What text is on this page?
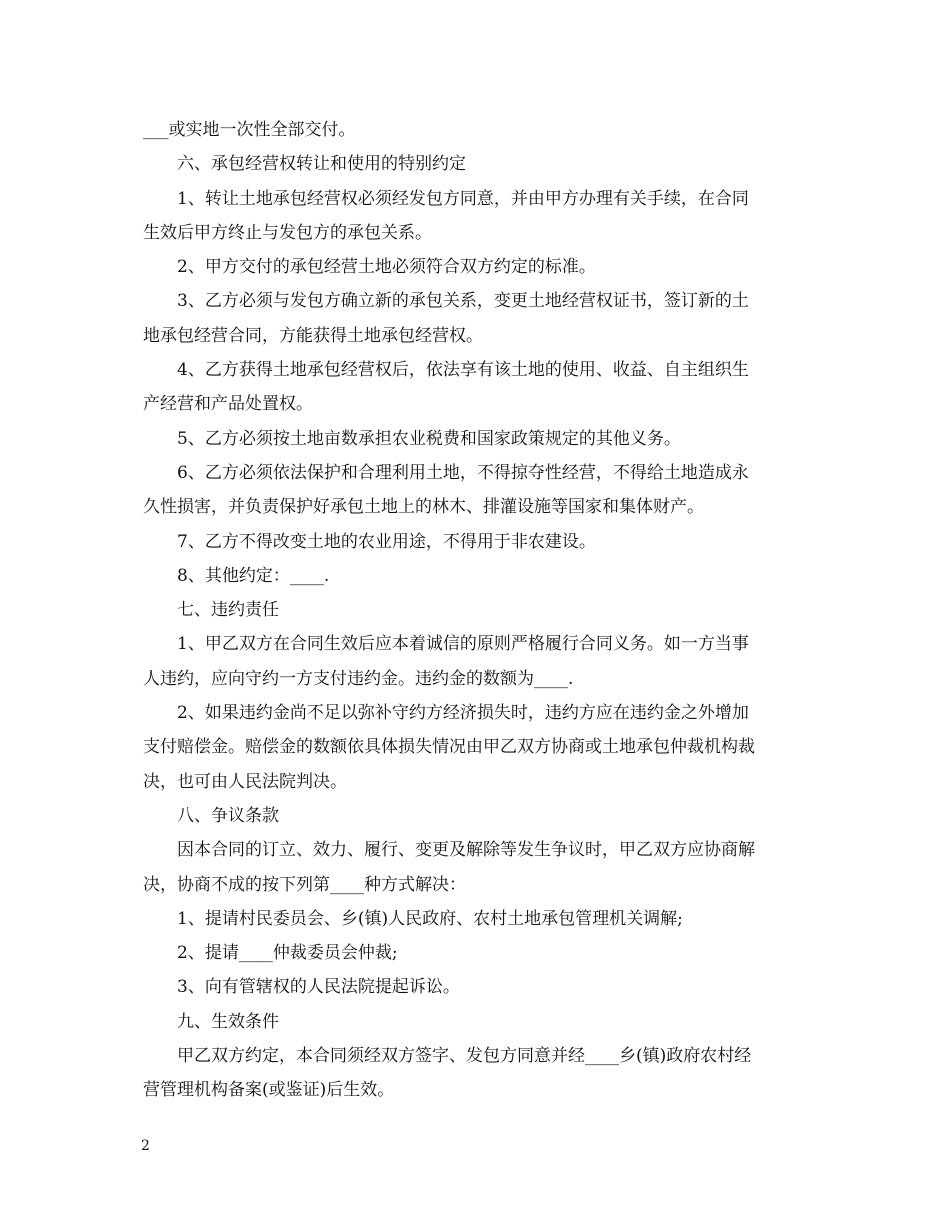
___或实地一次性全部交付。
六、承包经营权转让和使用的特别约定
1、转让土地承包经营权必须经发包方同意，并由甲方办理有关手续，在合同
生效后甲方终止与发包方的承包关系。
2、甲方交付的承包经营土地必须符合双方约定的标准。
3、乙方必须与发包方确立新的承包关系，变更土地经营权证书，签订新的土
地承包经营合同，方能获得土地承包经营权。
4、乙方获得土地承包经营权后，依法享有该土地的使用、收益、自主组织生
产经营和产品处置权。
5、乙方必须按土地亩数承担农业税费和国家政策规定的其他义务。
6、乙方必须依法保护和合理利用土地，不得掠夺性经营，不得给土地造成永
久性损害，并负责保护好承包土地上的林木、排灌设施等国家和集体财产。
7、乙方不得改变土地的农业用途，不得用于非农建设。
8、其他约定：____.
七、违约责任
1、甲乙双方在合同生效后应本着诚信的原则严格履行合同义务。如一方当事
人违约，应向守约一方支付违约金。违约金的数额为____.
2、如果违约金尚不足以弥补守约方经济损失时，违约方应在违约金之外增加
支付赔偿金。赔偿金的数额依具体损失情况由甲乙双方协商或土地承包仲裁机构裁
决，也可由人民法院判决。
八、争议条款
因本合同的订立、效力、履行、变更及解除等发生争议时，甲乙双方应协商解
决，协商不成的按下列第____种方式解决：
1、提请村民委员会、乡(镇)人民政府、农村土地承包管理机关调解;
2、提请____仲裁委员会仲裁;
3、向有管辖权的人民法院提起诉讼。
九、生效条件
甲乙双方约定，本合同须经双方签字、发包方同意并经____乡(镇)政府农村经
营管理机构备案(或鉴证)后生效。
2
